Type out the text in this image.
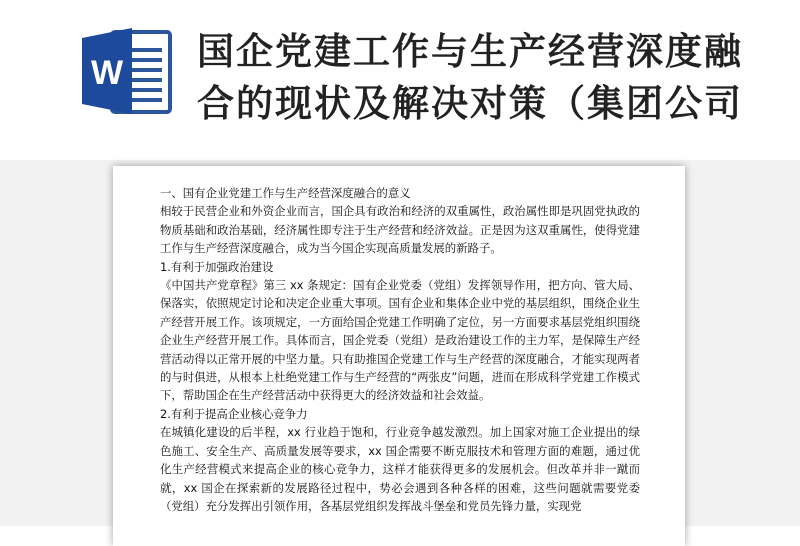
W 国企党建工作与生产经营深度融
合的现状及解决对策（集团公司

一、国有企业党建工作与生产经营深度融合的意义

相较于民营企业和外资企业而言，国企具有政治和经济的双重属性，政治属性即是巩固党执政的物质基础和政治基础，经济属性即专注于生产经营和经济效益。正是因为这双重属性，使得党建工作与生产经营深度融合，成为当今国企实现高质量发展的新路子。

1.有利于加强政治建设

《中国共产党章程》第三 xx 条规定：国有企业党委（党组）发挥领导作用，把方向、管大局、保落实，依照规定讨论和决定企业重大事项。国有企业和集体企业中党的基层组织，围绕企业生产经营开展工作。该项规定，一方面给国企党建工作明确了定位，另一方面要求基层党组织围绕企业生产经营开展工作。具体而言，国企党委（党组）是政治建设工作的主力军，是保障生产经营活动得以正常开展的中坚力量。只有助推国企党建工作与生产经营的深度融合，才能实现两者的与时俱进，从根本上杜绝党建工作与生产经营的“两张皮”问题，进而在形成科学党建工作模式下，帮助国企在生产经营活动中获得更大的经济效益和社会效益。

2.有利于提高企业核心竞争力

在城镇化建设的后半程，xx 行业趋于饱和，行业竞争越发激烈。加上国家对施工企业提出的绿色施工、安全生产、高质量发展等要求，xx 国企需要不断克服技术和管理方面的难题，通过优化生产经营模式来提高企业的核心竞争力，这样才能获得更多的发展机会。但改革并非一蹴而就，xx 国企在探索新的发展路径过程中，势必会遇到各种各样的困难，这些问题就需要党委（党组）充分发挥出引领作用，各基层党组织发挥战斗堡垒和党员先锋力量，实现党
